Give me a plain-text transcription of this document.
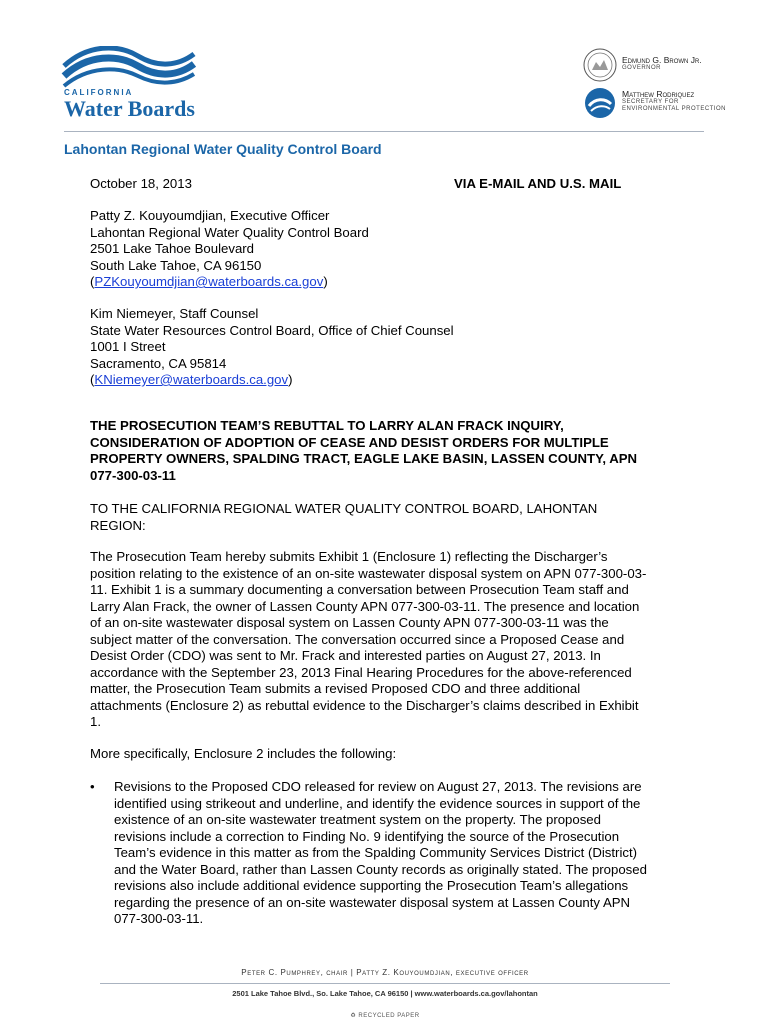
CALIFORNIA
Water Boards
Edmund G. Brown Jr.
GOVERNOR
Matthew Rodriquez
SECRETARY FOR
ENVIRONMENTAL PROTECTION
Lahontan Regional Water Quality Control Board
October 18, 2013	VIA E-MAIL AND U.S. MAIL
Patty Z. Kouyoumdjian, Executive Officer
Lahontan Regional Water Quality Control Board
2501 Lake Tahoe Boulevard
South Lake Tahoe, CA 96150
(PZKouyoumdjian@waterboards.ca.gov)
Kim Niemeyer, Staff Counsel
State Water Resources Control Board, Office of Chief Counsel
1001 I Street
Sacramento, CA 95814
(KNiemeyer@waterboards.ca.gov)
THE PROSECUTION TEAM’S REBUTTAL TO LARRY ALAN FRACK INQUIRY, CONSIDERATION OF ADOPTION OF CEASE AND DESIST ORDERS FOR MULTIPLE PROPERTY OWNERS, SPALDING TRACT, EAGLE LAKE BASIN, LASSEN COUNTY, APN 077-300-03-11
TO THE CALIFORNIA REGIONAL WATER QUALITY CONTROL BOARD, LAHONTAN REGION:
The Prosecution Team hereby submits Exhibit 1 (Enclosure 1) reflecting the Discharger’s position relating to the existence of an on-site wastewater disposal system on APN 077-300-03-11. Exhibit 1 is a summary documenting a conversation between Prosecution Team staff and Larry Alan Frack, the owner of Lassen County APN 077-300-03-11. The presence and location of an on-site wastewater disposal system on Lassen County APN 077-300-03-11 was the subject matter of the conversation. The conversation occurred since a Proposed Cease and Desist Order (CDO) was sent to Mr. Frack and interested parties on August 27, 2013. In accordance with the September 23, 2013 Final Hearing Procedures for the above-referenced matter, the Prosecution Team submits a revised Proposed CDO and three additional attachments (Enclosure 2) as rebuttal evidence to the Discharger’s claims described in Exhibit 1.
More specifically, Enclosure 2 includes the following:
• Revisions to the Proposed CDO released for review on August 27, 2013. The revisions are identified using strikeout and underline, and identify the evidence sources in support of the existence of an on-site wastewater treatment system on the property. The proposed revisions include a correction to Finding No. 9 identifying the source of the Prosecution Team’s evidence in this matter as from the Spalding Community Services District (District) and the Water Board, rather than Lassen County records as originally stated. The proposed revisions also include additional evidence supporting the Prosecution Team’s allegations regarding the presence of an on-site wastewater disposal system at Lassen County APN 077-300-03-11.
Peter C. Pumphrey, chair | Patty Z. Kouyoumdjian, executive officer
2501 Lake Tahoe Blvd., So. Lake Tahoe, CA 96150 | www.waterboards.ca.gov/lahontan
♻ RECYCLED PAPER
